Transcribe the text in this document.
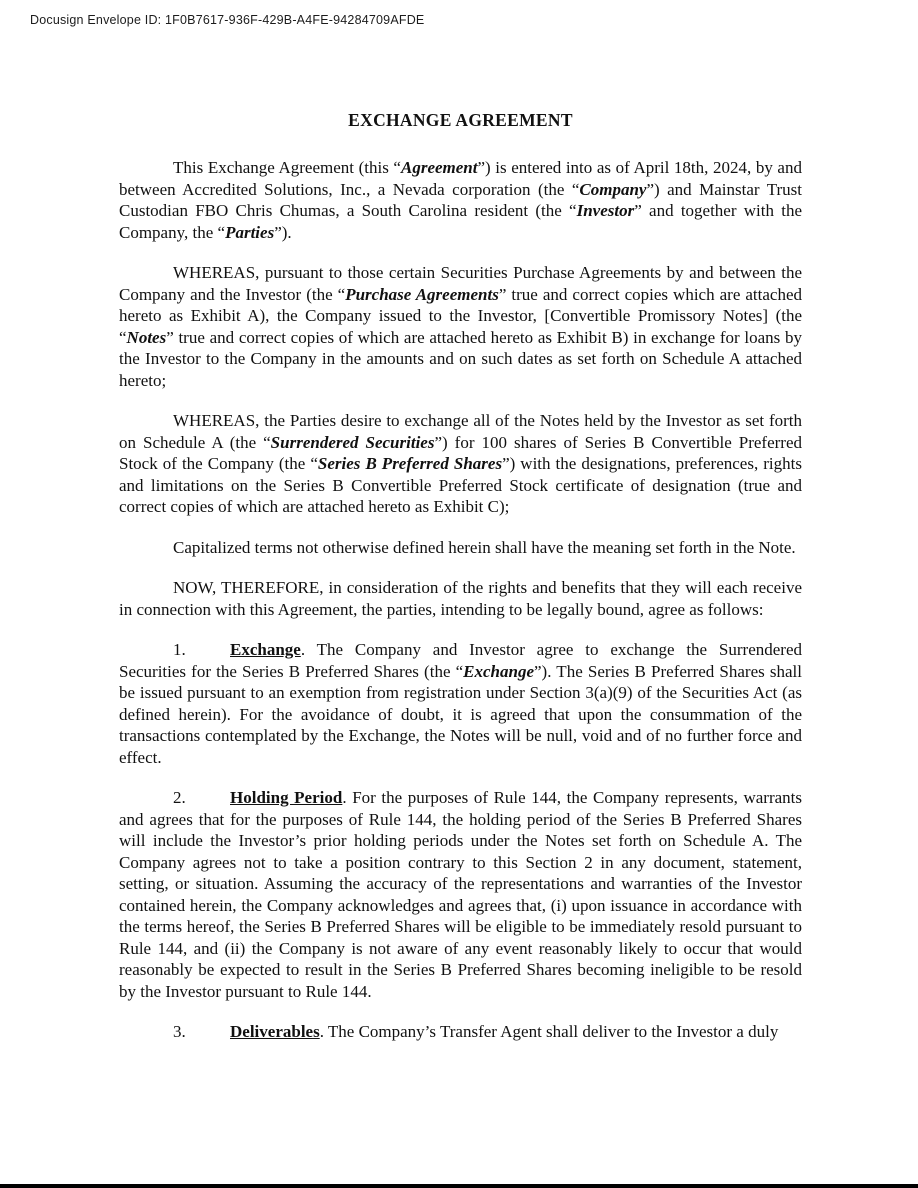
Docusign Envelope ID: 1F0B7617-936F-429B-A4FE-94284709AFDE
EXCHANGE AGREEMENT

This Exchange Agreement (this “Agreement”) is entered into as of April 18th, 2024, by and between Accredited Solutions, Inc., a Nevada corporation (the “Company”) and Mainstar Trust Custodian FBO Chris Chumas, a South Carolina resident (the “Investor” and together with the Company, the “Parties”).

WHEREAS, pursuant to those certain Securities Purchase Agreements by and between the Company and the Investor (the “Purchase Agreements” true and correct copies which are attached hereto as Exhibit A), the Company issued to the Investor, [Convertible Promissory Notes] (the “Notes” true and correct copies of which are attached hereto as Exhibit B) in exchange for loans by the Investor to the Company in the amounts and on such dates as set forth on Schedule A attached hereto;

WHEREAS, the Parties desire to exchange all of the Notes held by the Investor as set forth on Schedule A (the “Surrendered Securities”) for 100 shares of Series B Convertible Preferred Stock of the Company (the “Series B Preferred Shares”) with the designations, preferences, rights and limitations on the Series B Convertible Preferred Stock certificate of designation (true and correct copies of which are attached hereto as Exhibit C);

Capitalized terms not otherwise defined herein shall have the meaning set forth in the Note.

NOW, THEREFORE, in consideration of the rights and benefits that they will each receive in connection with this Agreement, the parties, intending to be legally bound, agree as follows:

1.	Exchange. The Company and Investor agree to exchange the Surrendered Securities for the Series B Preferred Shares (the “Exchange”). The Series B Preferred Shares shall be issued pursuant to an exemption from registration under Section 3(a)(9) of the Securities Act (as defined herein). For the avoidance of doubt, it is agreed that upon the consummation of the transactions contemplated by the Exchange, the Notes will be null, void and of no further force and effect.

2.	Holding Period. For the purposes of Rule 144, the Company represents, warrants and agrees that for the purposes of Rule 144, the holding period of the Series B Preferred Shares will include the Investor’s prior holding periods under the Notes set forth on Schedule A. The Company agrees not to take a position contrary to this Section 2 in any document, statement, setting, or situation. Assuming the accuracy of the representations and warranties of the Investor contained herein, the Company acknowledges and agrees that, (i) upon issuance in accordance with the terms hereof, the Series B Preferred Shares will be eligible to be immediately resold pursuant to Rule 144, and (ii) the Company is not aware of any event reasonably likely to occur that would reasonably be expected to result in the Series B Preferred Shares becoming ineligible to be resold by the Investor pursuant to Rule 144.

3.	Deliverables. The Company’s Transfer Agent shall deliver to the Investor a duly
